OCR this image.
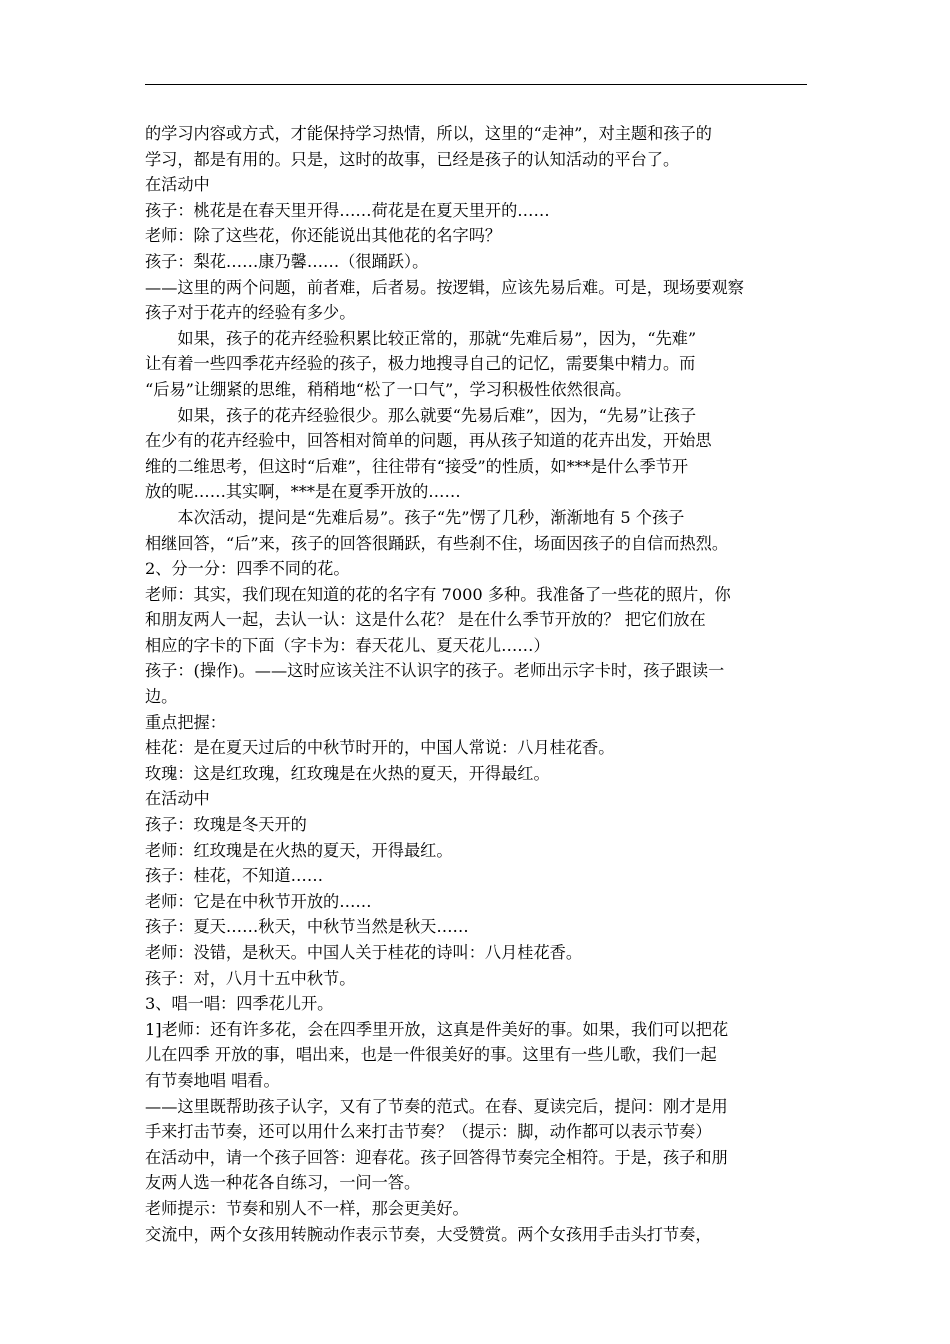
的学习内容或方式，才能保持学习热情，所以，这里的“走神”，对主题和孩子的

学习，都是有用的。只是，这时的故事，已经是孩子的认知活动的平台了。

在活动中

孩子：桃花是在春天里开得……荷花是在夏天里开的……

老师：除了这些花，你还能说出其他花的名字吗？

孩子：梨花……康乃馨……（很踊跃）。

——这里的两个问题，前者难，后者易。按逻辑，应该先易后难。可是，现场要观察

孩子对于花卉的经验有多少。

如果，孩子的花卉经验积累比较正常的，那就“先难后易”，因为，“先难”

让有着一些四季花卉经验的孩子，极力地搜寻自己的记忆，需要集中精力。而

“后易”让绷紧的思维，稍稍地“松了一口气”，学习积极性依然很高。

如果，孩子的花卉经验很少。那么就要“先易后难”，因为，“先易”让孩子

在少有的花卉经验中，回答相对简单的问题，再从孩子知道的花卉出发，开始思

维的二维思考，但这时“后难”，往往带有“接受”的性质，如***是什么季节开

放的呢……其实啊，***是在夏季开放的……

本次活动，提问是“先难后易”。孩子“先”愣了几秒，渐渐地有 5 个孩子

相继回答，“后”来，孩子的回答很踊跃，有些刹不住，场面因孩子的自信而热烈。

2、分一分：四季不同的花。

老师：其实，我们现在知道的花的名字有 7000 多种。我准备了一些花的照片，你

和朋友两人一起，去认一认：这是什么花？ 是在什么季节开放的？ 把它们放在

相应的字卡的下面（字卡为：春天花儿、夏天花儿……）

孩子：(操作)。——这时应该关注不认识字的孩子。老师出示字卡时，孩子跟读一

边。

重点把握：

桂花：是在夏天过后的中秋节时开的，中国人常说：八月桂花香。

玫瑰：这是红玫瑰，红玫瑰是在火热的夏天，开得最红。

在活动中

孩子：玫瑰是冬天开的

老师：红玫瑰是在火热的夏天，开得最红。

孩子：桂花，不知道……

老师：它是在中秋节开放的……

孩子：夏天……秋天，中秋节当然是秋天……

老师：没错，是秋天。中国人关于桂花的诗叫：八月桂花香。

孩子：对，八月十五中秋节。

3、唱一唱：四季花儿开。

1]老师：还有许多花，会在四季里开放，这真是件美好的事。如果，我们可以把花

儿在四季 开放的事，唱出来，也是一件很美好的事。这里有一些儿歌，我们一起

有节奏地唱 唱看。

——这里既帮助孩子认字，又有了节奏的范式。在春、夏读完后，提问：刚才是用

手来打击节奏，还可以用什么来打击节奏？（提示：脚，动作都可以表示节奏）

在活动中，请一个孩子回答：迎春花。孩子回答得节奏完全相符。于是，孩子和朋

友两人选一种花各自练习，一问一答。

老师提示：节奏和别人不一样，那会更美好。

交流中，两个女孩用转腕动作表示节奏，大受赞赏。两个女孩用手击头打节奏，
